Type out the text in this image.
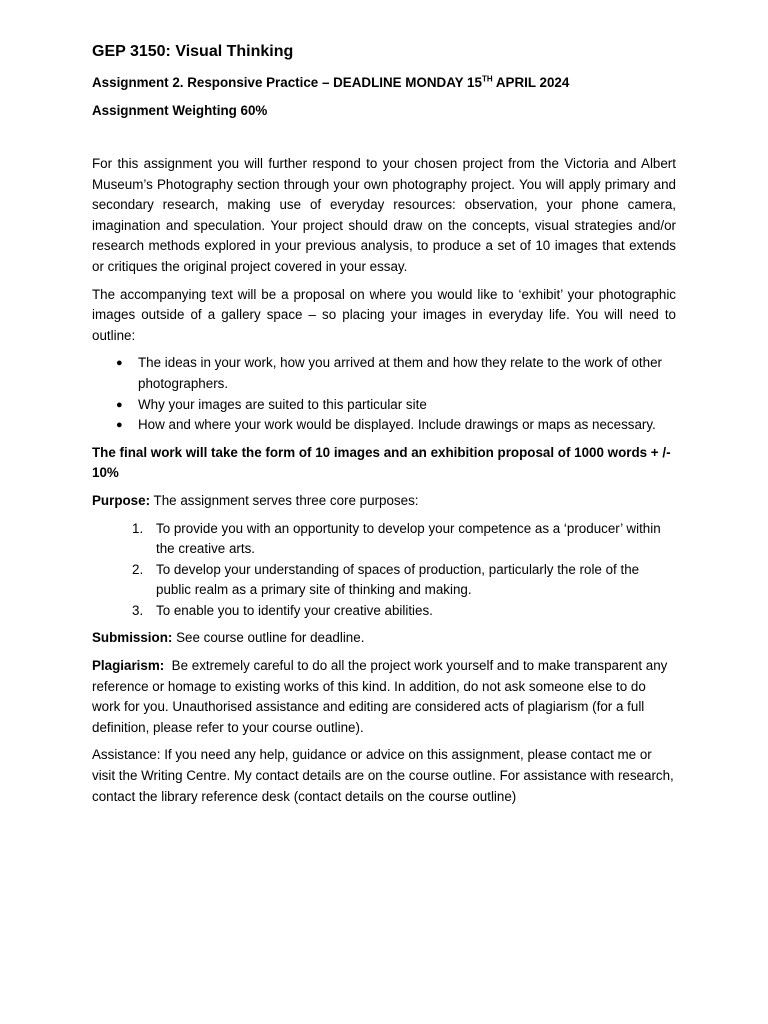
GEP 3150: Visual Thinking
Assignment 2. Responsive Practice – DEADLINE MONDAY 15TH APRIL 2024
Assignment Weighting 60%

For this assignment you will further respond to your chosen project from the Victoria and Albert Museum’s Photography section through your own photography project. You will apply primary and secondary research, making use of everyday resources: observation, your phone camera, imagination and speculation. Your project should draw on the concepts, visual strategies and/or research methods explored in your previous analysis, to produce a set of 10 images that extends or critiques the original project covered in your essay.

The accompanying text will be a proposal on where you would like to ‘exhibit’ your photographic images outside of a gallery space – so placing your images in everyday life. You will need to outline:

● The ideas in your work, how you arrived at them and how they relate to the work of other photographers.
● Why your images are suited to this particular site
● How and where your work would be displayed. Include drawings or maps as necessary.

The final work will take the form of 10 images and an exhibition proposal of 1000 words + /- 10%

Purpose: The assignment serves three core purposes:

1. To provide you with an opportunity to develop your competence as a ‘producer’ within the creative arts.
2. To develop your understanding of spaces of production, particularly the role of the public realm as a primary site of thinking and making.
3. To enable you to identify your creative abilities.

Submission: See course outline for deadline.

Plagiarism:  Be extremely careful to do all the project work yourself and to make transparent any reference or homage to existing works of this kind. In addition, do not ask someone else to do work for you. Unauthorised assistance and editing are considered acts of plagiarism (for a full definition, please refer to your course outline).

Assistance: If you need any help, guidance or advice on this assignment, please contact me or visit the Writing Centre. My contact details are on the course outline. For assistance with research, contact the library reference desk (contact details on the course outline)
